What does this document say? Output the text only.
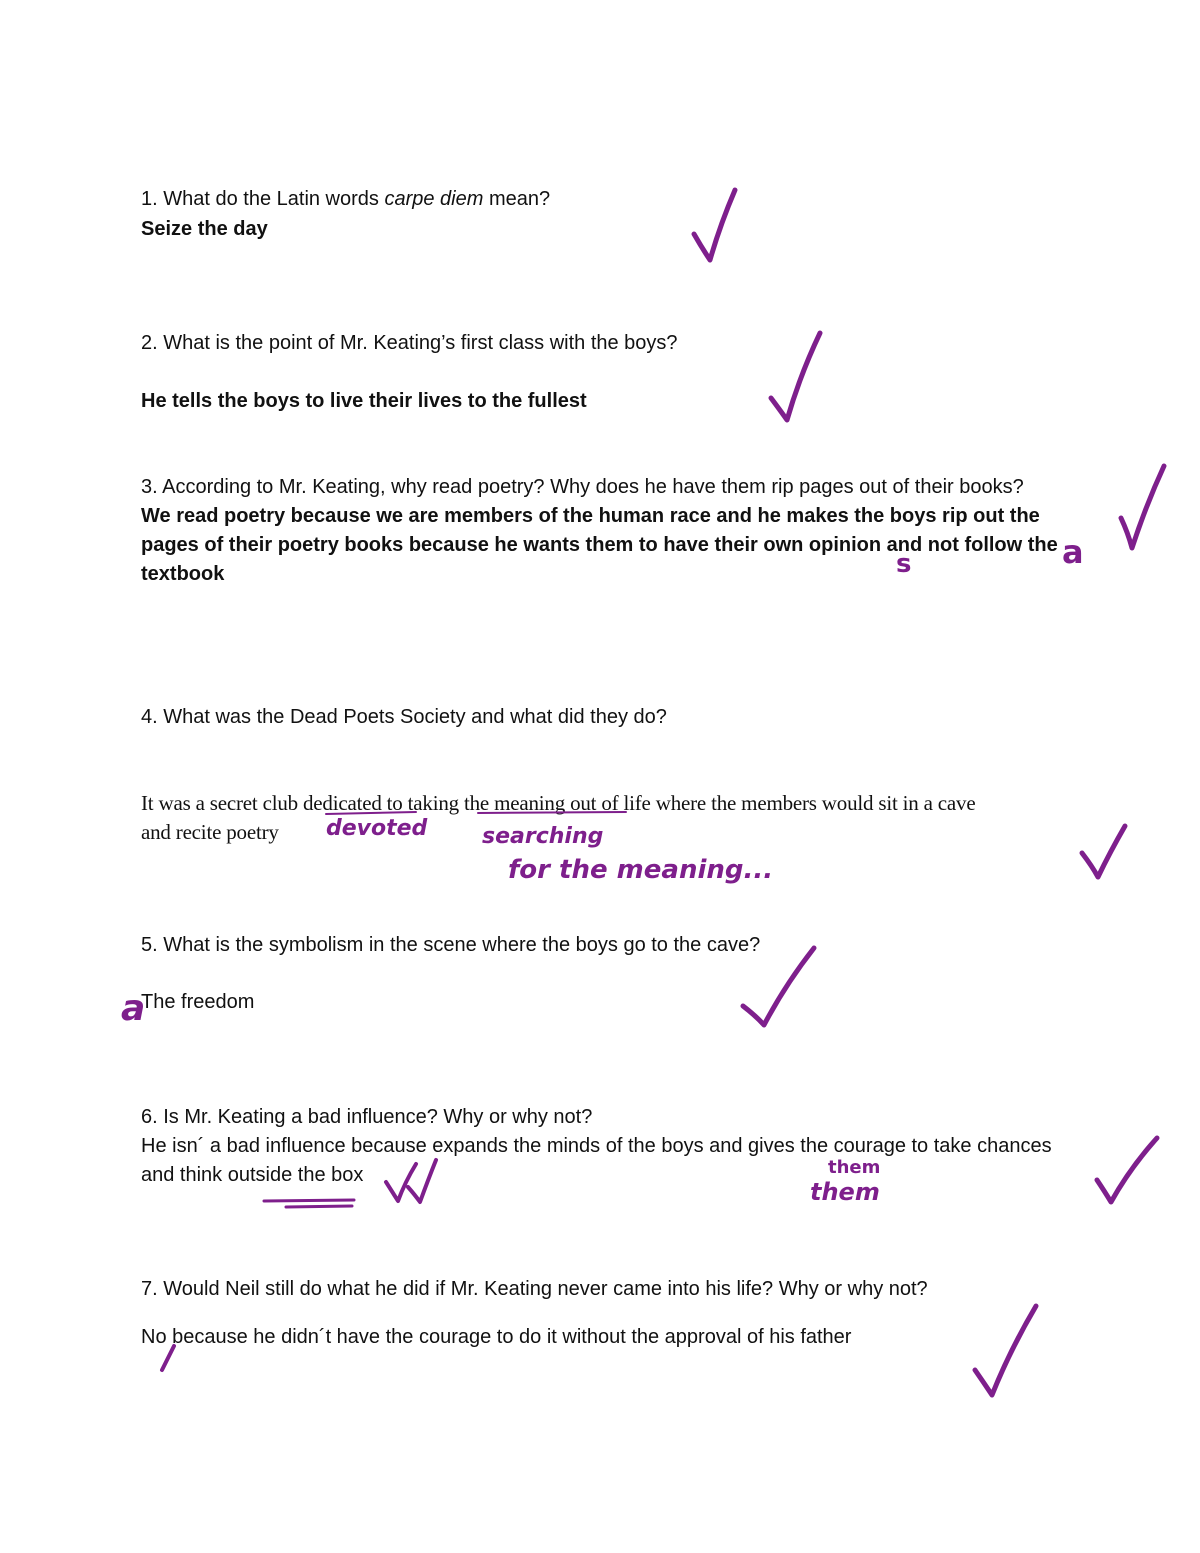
1. What do the Latin words carpe diem mean?
Seize the day
2. What is the point of Mr. Keating’s first class with the boys?
He tells the boys to live their lives to the fullest
3. According to Mr. Keating, why read poetry? Why does he have them rip pages out of their books?
We read poetry because we are members of the human race and he makes the boys rip out the
pages of their poetry books because he wants them to have their own opinion and not follow the
textbook
4. What was the Dead Poets Society and what did they do?
It was a secret club dedicated to taking the meaning out of life where the members would sit in a cave
and recite poetry
5. What is the symbolism in the scene where the boys go to the cave?
The freedom
6. Is Mr. Keating a bad influence? Why or why not?
He isn´ a bad influence because expands the minds of the boys and gives the courage to take chances
and think outside the box
7. Would Neil still do what he did if Mr. Keating never came into his life? Why or why not?
No because he didn´t have the courage to do it without the approval of his father
s	a
devoted searching
for the meaning...
a
them
them
